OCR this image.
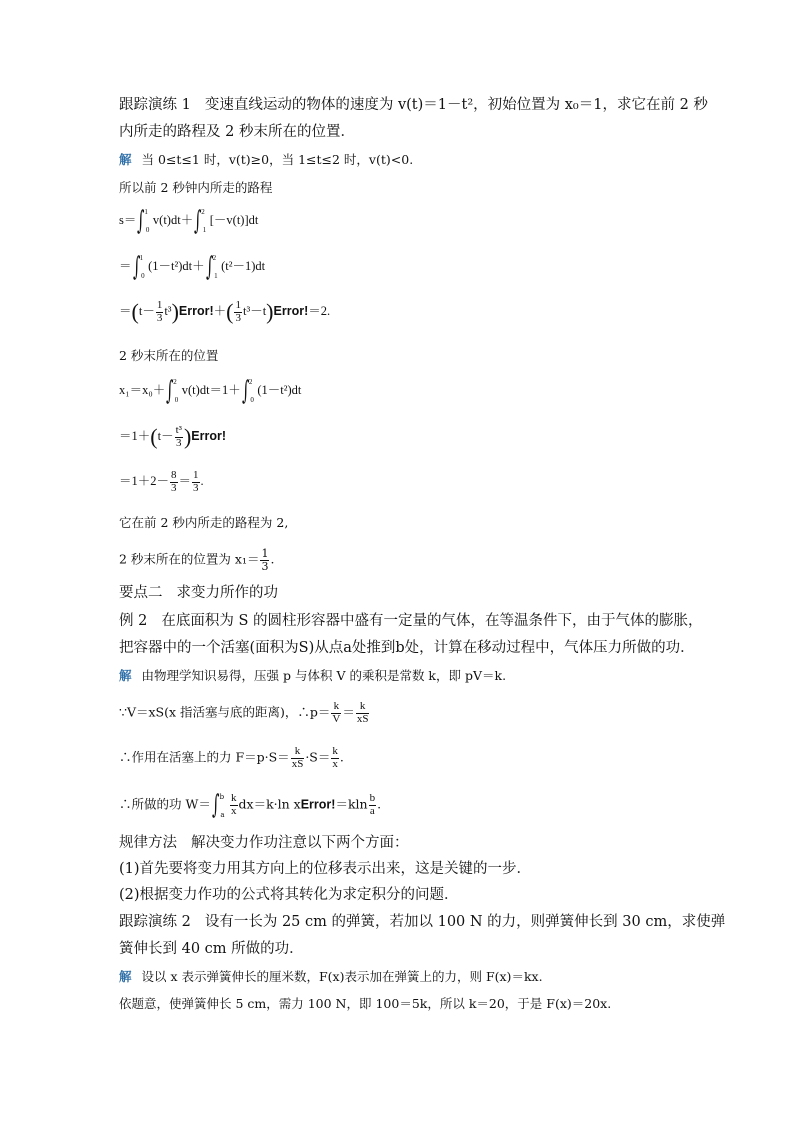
跟踪演练 1 变速直线运动的物体的速度为 v(t)＝1－t²，初始位置为 x₀＝1，求它在前 2 秒
内所走的路程及 2 秒末所在的位置．
解 当 0≤t≤1 时，v(t)≥0，当 1≤t≤2 时，v(t)<0.
所以前 2 秒钟内所走的路程
$s=\int_0^1v(t)dt+\int_1^2[-v(t)]dt$
$=\int_0^1(1-t^2)dt+\int_1^2(t^2-1)dt$
$=(t- \frac{1}{3}$ t³)Error!＋( $\frac{1}{3}$ t³－t)Error!＝2.
2 秒末所在的位置
$x_1=x_0+\int_0^2v(t)dt=1+\int_0^2(1-t^2)dt$
$=1+(t- \frac{\text{t³}}{3}$ )Error!
$=1+2- \frac{8}{3} = \frac{1}{3}$ .
它在前 2 秒内所走的路程为 2,
2 秒末所在的位置为 $x_1= \frac{1}{3}$ .
要点二 求变力所作的功
例 2 在底面积为 S 的圆柱形容器中盛有一定量的气体，在等温条件下，由于气体的膨胀，
把容器中的一个活塞(面积为S)从点a处推到b处，计算在移动过程中，气体压力所做的功．
解 由物理学知识易得，压强 p 与体积 V 的乘积是常数 k，即 pV＝k.
∵V＝xS(x 指活塞与底的距离)，∴p＝ $\frac{k}{V} = \frac{k}{xS}$
∴作用在活塞上的力 $F=p\cdot S= \frac{k}{xS} \cdot S= \frac{k}{x}$ .
∴所做的功 $W=\int_a^b \frac{k}{x} dx=k\cdot\ln$ xError!＝kln $\frac{b}{a}$ .
规律方法 解决变力作功注意以下两个方面：
(1)首先要将变力用其方向上的位移表示出来，这是关键的一步．
(2)根据变力作功的公式将其转化为求定积分的问题．
跟踪演练 2 设有一长为 25 cm 的弹簧，若加以 100 N 的力，则弹簧伸长到 30 cm，求使弹
簧伸长到 40 cm 所做的功．
解 设以 x 表示弹簧伸长的厘米数，F(x)表示加在弹簧上的力，则 F(x)＝kx.
依题意，使弹簧伸长 5 cm，需力 100 N，即 100＝5k，所以 k＝20，于是 F(x)＝20x.
